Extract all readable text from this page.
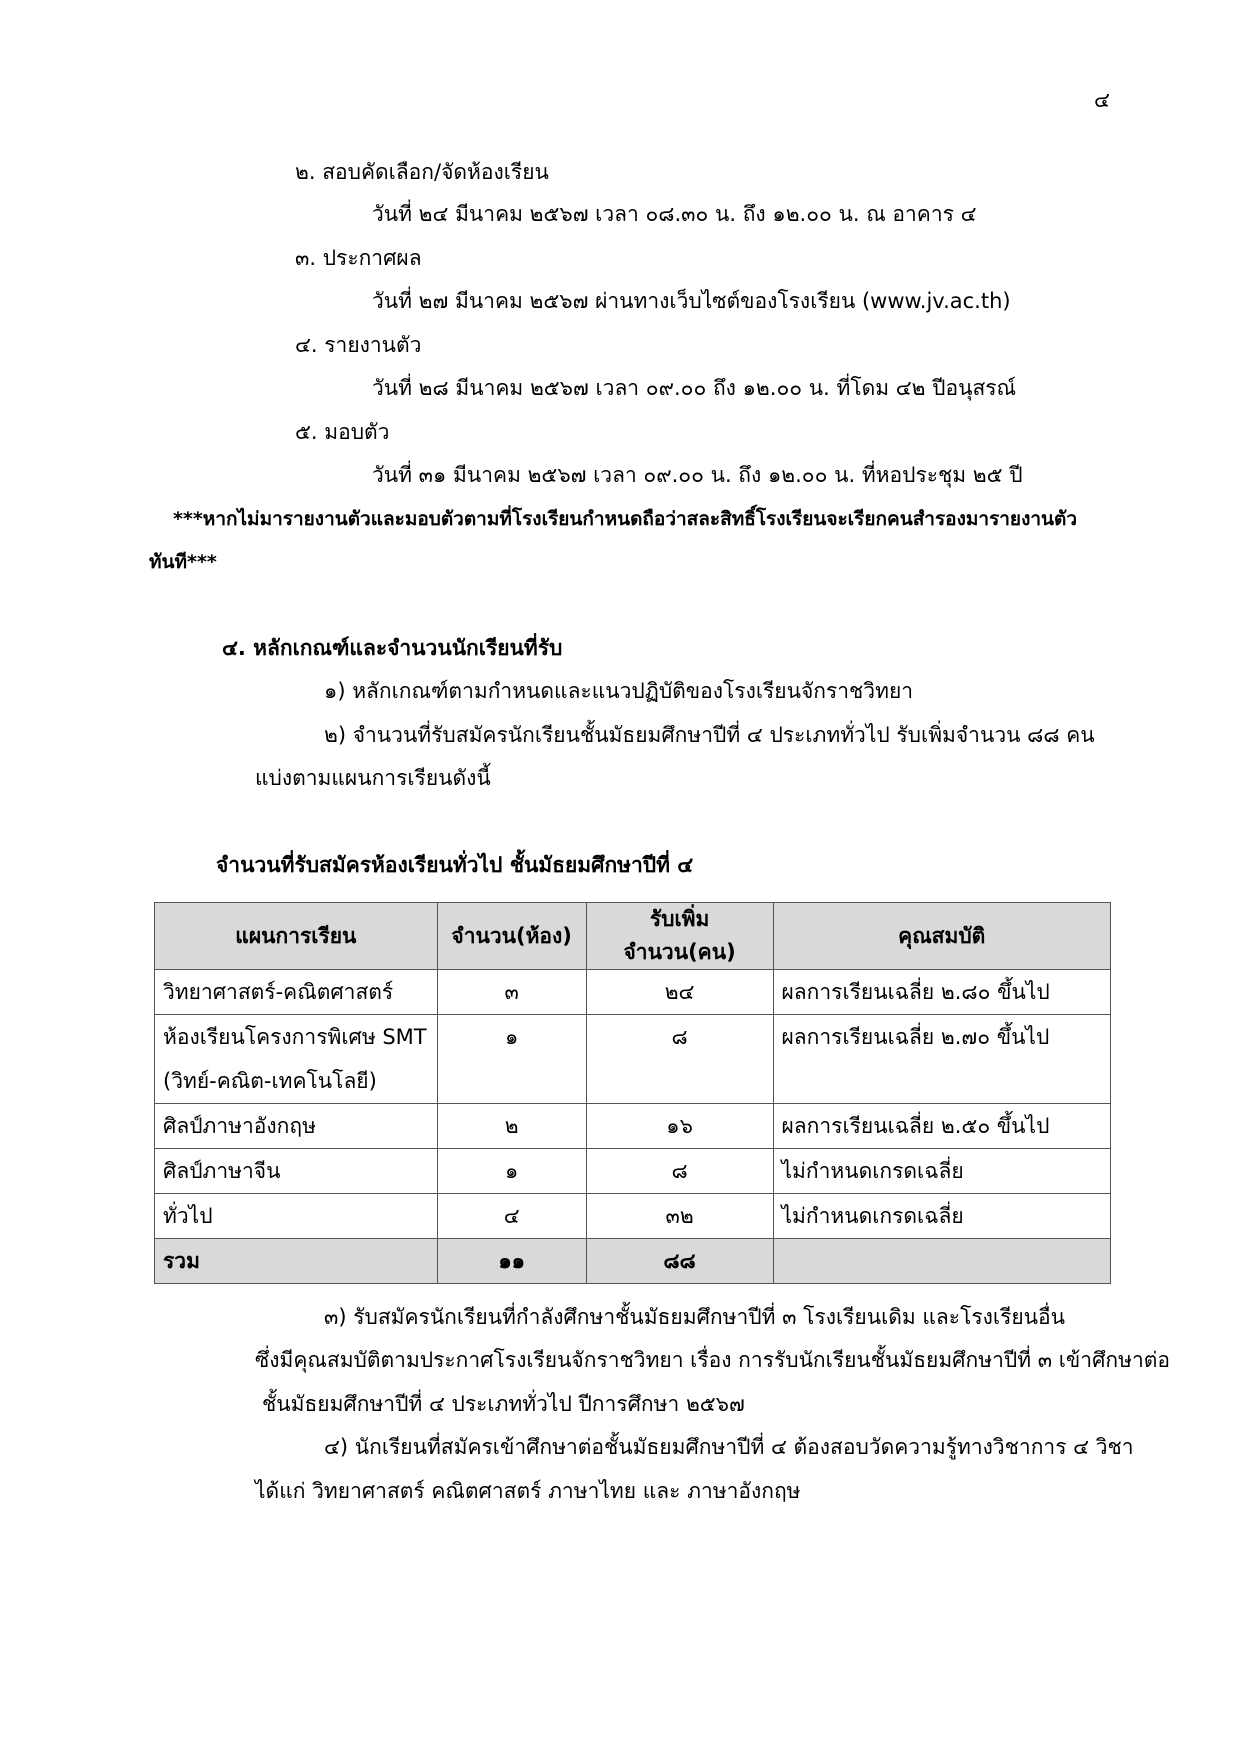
๔
๒. สอบคัดเลือก/จัดห้องเรียน
วันที่ ๒๔ มีนาคม ๒๕๖๗ เวลา ๐๘.๓๐ น. ถึง ๑๒.๐๐ น. ณ อาคาร ๔
๓. ประกาศผล
วันที่ ๒๗ มีนาคม ๒๕๖๗ ผ่านทางเว็บไซต์ของโรงเรียน (www.jv.ac.th)
๔. รายงานตัว
วันที่ ๒๘ มีนาคม ๒๕๖๗ เวลา ๐๙.๐๐ ถึง ๑๒.๐๐ น. ที่โดม ๔๒ ปีอนุสรณ์
๕. มอบตัว
วันที่ ๓๑ มีนาคม ๒๕๖๗ เวลา ๐๙.๐๐ น. ถึง ๑๒.๐๐ น. ที่หอประชุม ๒๕ ปี
***หากไม่มารายงานตัวและมอบตัวตามที่โรงเรียนกำหนดถือว่าสละสิทธิ์โรงเรียนจะเรียกคนสำรองมารายงานตัว
ทันที***
๔. หลักเกณฑ์และจำนวนนักเรียนที่รับ
๑) หลักเกณฑ์ตามกำหนดและแนวปฏิบัติของโรงเรียนจักราชวิทยา
๒) จำนวนที่รับสมัครนักเรียนชั้นมัธยมศึกษาปีที่ ๔ ประเภททั่วไป รับเพิ่มจำนวน ๘๘ คน
แบ่งตามแผนการเรียนดังนี้
จำนวนที่รับสมัครห้องเรียนทั่วไป ชั้นมัธยมศึกษาปีที่ ๔
แผนการเรียน	จำนวน(ห้อง)	รับเพิ่มจำนวน(คน)	คุณสมบัติ
วิทยาศาสตร์-คณิตศาสตร์	๓	๒๔	ผลการเรียนเฉลี่ย ๒.๘๐ ขึ้นไป

ห้องเรียนโครงการพิเศษ SMT
(วิทย์-คณิต-เทคโนโลยี)	๑	๘	ผลการเรียนเฉลี่ย ๒.๗๐ ขึ้นไป
ศิลป์ภาษาอังกฤษ	๒	๑๖	ผลการเรียนเฉลี่ย ๒.๕๐ ขึ้นไป
ศิลป์ภาษาจีน	๑	๘	ไม่กำหนดเกรดเฉลี่ย
ทั่วไป	๔	๓๒	ไม่กำหนดเกรดเฉลี่ย
รวม	๑๑	๘๘	
๓) รับสมัครนักเรียนที่กำลังศึกษาชั้นมัธยมศึกษาปีที่ ๓ โรงเรียนเดิม และโรงเรียนอื่น
ซึ่งมีคุณสมบัติตามประกาศโรงเรียนจักราชวิทยา เรื่อง การรับนักเรียนชั้นมัธยมศึกษาปีที่ ๓ เข้าศึกษาต่อ
ชั้นมัธยมศึกษาปีที่ ๔ ประเภททั่วไป ปีการศึกษา ๒๕๖๗
๔) นักเรียนที่สมัครเข้าศึกษาต่อชั้นมัธยมศึกษาปีที่ ๔ ต้องสอบวัดความรู้ทางวิชาการ ๔ วิชา
ได้แก่ วิทยาศาสตร์ คณิตศาสตร์ ภาษาไทย และ ภาษาอังกฤษ
